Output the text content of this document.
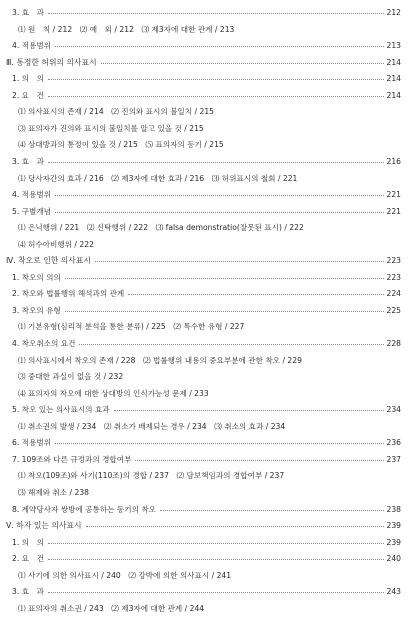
3. 효　과	212
⑴ 원　칙 / 212　⑵ 예　외 / 212　⑶ 제3자에 대한 관계 / 213
4. 적용범위	213
Ⅲ. 통정한 허위의 의사표시	214
1. 의　의	214
2. 요　건	214
⑴ 의사표시의 존재 / 214　⑵ 진의와 표시의 불일치 / 215
⑶ 표의자가 진의와 표시의 불일치를 알고 있을 것 / 215
⑷ 상대방과의 통정이 있을 것 / 215　⑸ 표의자의 동기 / 215
3. 효　과	216
⑴ 당사자간의 효과 / 216　⑵ 제3자에 대한 효과 / 216　⑶ 허위표시의 철회 / 221
4. 적용범위	221
5. 구별개념	221
⑴ 은닉행위 / 221　⑵ 신탁행위 / 222　⑶ falsa demonstratio(잘못된 표시) / 222
⑷ 허수아비행위 / 222
Ⅳ. 착오로 인한 의사표시	223
1. 착오의 의의	223
2. 착오와 법률행위 해석과의 관계	224
3. 착오의 유형	225
⑴ 기본유형(심리적 분석을 통한 분류) / 225　⑵ 특수한 유형 / 227
4. 착오취소의 요건	228
⑴ 의사표시에서 착오의 존재 / 228　⑵ 법률행위 내용의 중요부분에 관한 착오 / 229
⑶ 중대한 과실이 없을 것 / 232
⑷ 표의자의 착오에 대한 상대방의 인식가능성 문제 / 233
5. 착오 있는 의사표시의 효과	234
⑴ 취소권의 발생 / 234　⑵ 취소가 배제되는 경우 / 234　⑶ 취소의 효과 / 234
6. 적용범위	236
7. 109조와 다른 규정과의 경합여부	237
⑴ 착오(109조)와 사기(110조)의 경합 / 237　⑵ 담보책임과의 경합여부 / 237
⑶ 해제와 취소 / 238
8. 계약당사자 쌍방에 공통하는 동기의 착오	238
Ⅴ. 하자 있는 의사표시	239
1. 의　의	239
2. 요　건	240
⑴ 사기에 의한 의사표시 / 240　⑵ 강박에 의한 의사표시 / 241
3. 효　과	243
⑴ 표의자의 취소권 / 243　⑵ 제3자에 대한 관계 / 244
